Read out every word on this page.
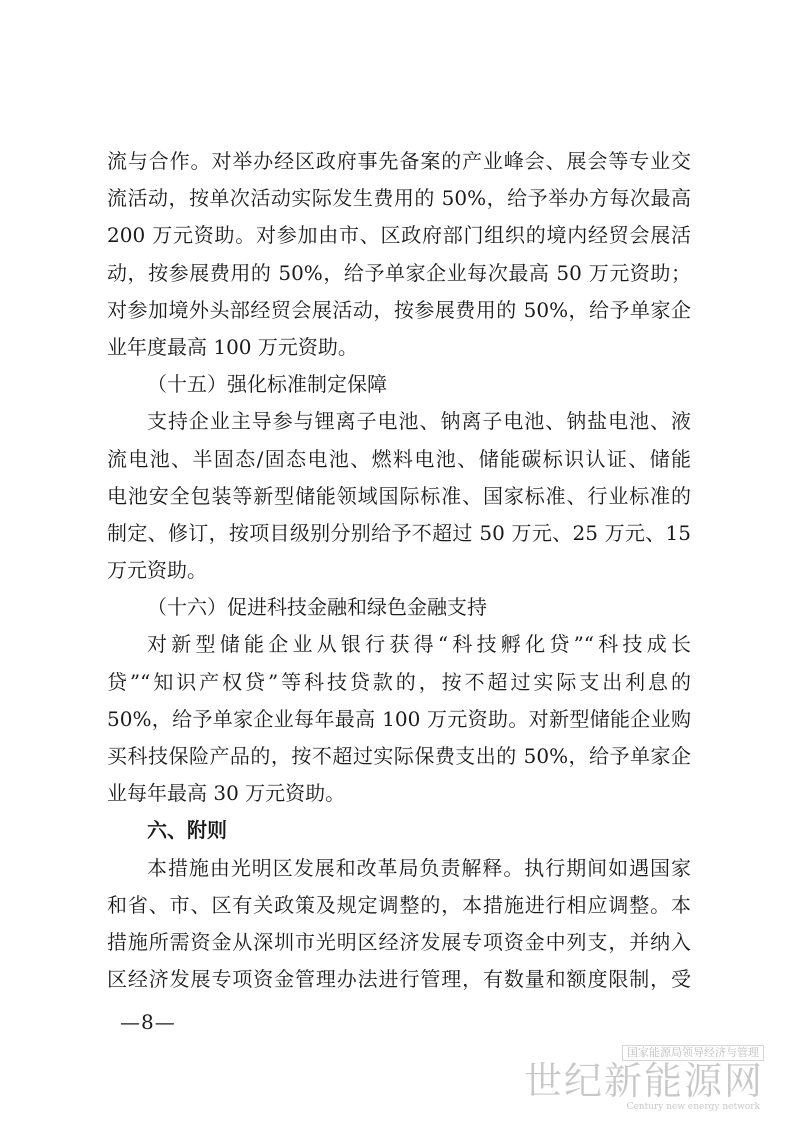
流与合作。对举办经区政府事先备案的产业峰会、展会等专业交
流活动，按单次活动实际发生费用的 50%，给予举办方每次最高
200 万元资助。对参加由市、区政府部门组织的境内经贸会展活
动，按参展费用的 50%，给予单家企业每次最高 50 万元资助；
对参加境外头部经贸会展活动，按参展费用的 50%，给予单家企
业年度最高 100 万元资助。
（十五）强化标准制定保障
支持企业主导参与锂离子电池、钠离子电池、钠盐电池、液
流电池、半固态/固态电池、燃料电池、储能碳标识认证、储能
电池安全包装等新型储能领域国际标准、国家标准、行业标准的
制定、修订，按项目级别分别给予不超过 50 万元、25 万元、15
万元资助。
（十六）促进科技金融和绿色金融支持
对新型储能企业从银行获得“科技孵化贷”“科技成长
贷”“知识产权贷”等科技贷款的，按不超过实际支出利息的
50%，给予单家企业每年最高 100 万元资助。对新型储能企业购
买科技保险产品的，按不超过实际保费支出的 50%，给予单家企
业每年最高 30 万元资助。
六、附则
本措施由光明区发展和改革局负责解释。执行期间如遇国家
和省、市、区有关政策及规定调整的，本措施进行相应调整。本
措施所需资金从深圳市光明区经济发展专项资金中列支，并纳入
区经济发展专项资金管理办法进行管理，有数量和额度限制，受
—8—
国家能源局领导经济与管理
世纪新能源网
Century new energy network
